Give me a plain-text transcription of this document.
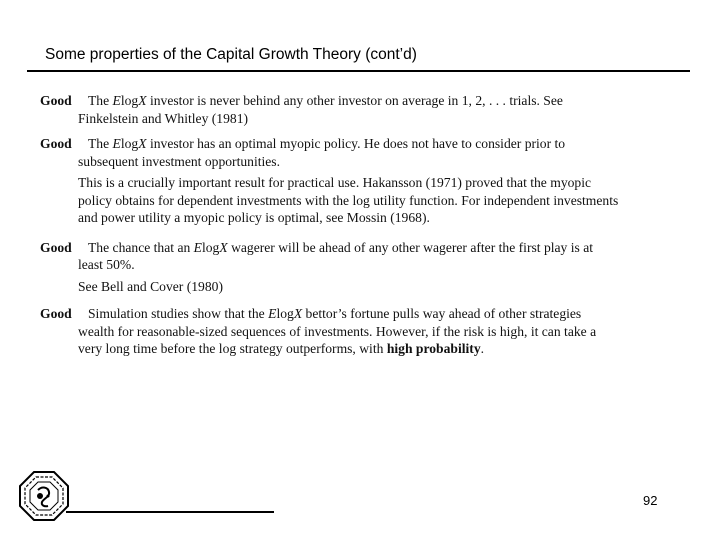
Some properties of the Capital Growth Theory (cont’d)
Good The ElogX investor is never behind any other investor on average in 1, 2, . . . trials. See Finkelstein and Whitley (1981)
Good The ElogX investor has an optimal myopic policy. He does not have to consider prior to subsequent investment opportunities.
This is a crucially important result for practical use. Hakansson (1971) proved that the myopic policy obtains for dependent investments with the log utility function. For independent investments and power utility a myopic policy is optimal, see Mossin (1968).
Good The chance that an ElogX wagerer will be ahead of any other wagerer after the first play is at least 50%.
See Bell and Cover (1980)
Good Simulation studies show that the ElogX bettor’s fortune pulls way ahead of other strategies wealth for reasonable-sized sequences of investments. However, if the risk is high, it can take a very long time before the log strategy outperforms, with high probability.
92
